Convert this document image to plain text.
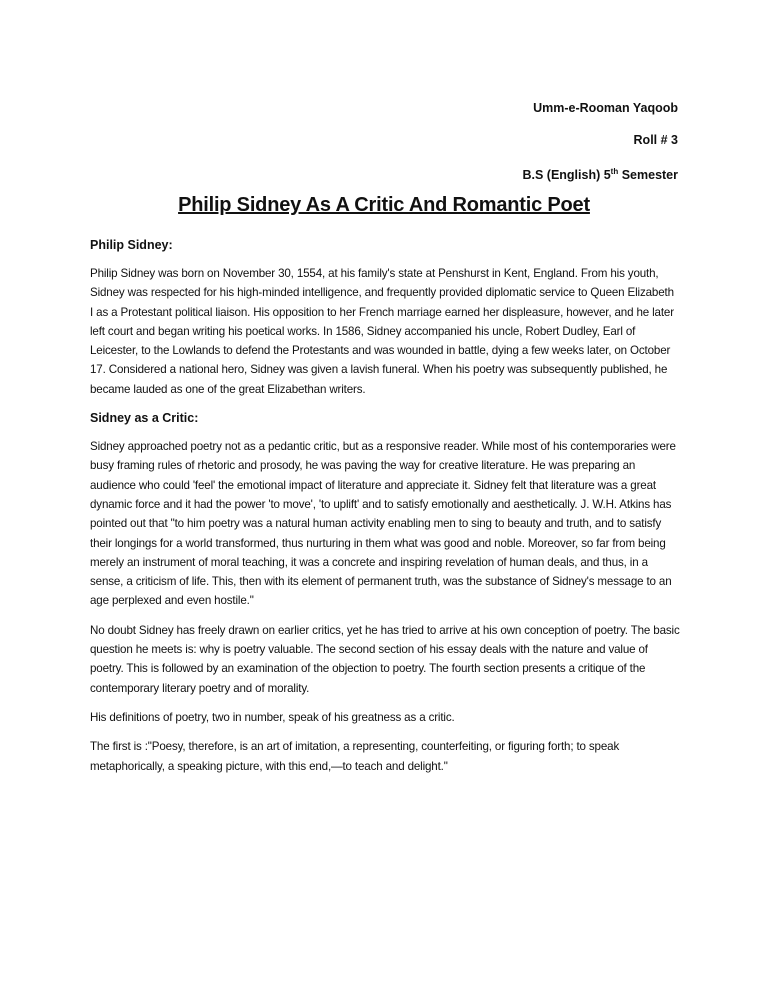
Umm-e-Rooman Yaqoob
Roll # 3
B.S (English) 5th Semester
Philip Sidney As A Critic And Romantic Poet
Philip Sidney:

Philip Sidney was born on November 30, 1554, at his family's state at Penshurst in Kent, England. From his youth, Sidney was respected for his high-minded intelligence, and frequently provided diplomatic service to Queen Elizabeth I as a Protestant political liaison. His opposition to her French marriage earned her displeasure, however, and he later left court and began writing his poetical works. In 1586, Sidney accompanied his uncle, Robert Dudley, Earl of Leicester, to the Lowlands to defend the Protestants and was wounded in battle, dying a few weeks later, on October 17. Considered a national hero, Sidney was given a lavish funeral. When his poetry was subsequently published, he became lauded as one of the great Elizabethan writers.

Sidney as a Critic:

Sidney approached poetry not as a pedantic critic, but as a responsive reader. While most of his contemporaries were busy framing rules of rhetoric and prosody, he was paving the way for creative literature. He was preparing an audience who could 'feel' the emotional impact of literature and appreciate it. Sidney felt that literature was a great dynamic force and it had the power 'to move', 'to uplift' and to satisfy emotionally and aesthetically. J. W.H. Atkins has pointed out that "to him poetry was a natural human activity enabling men to sing to beauty and truth, and to satisfy their longings for a world transformed, thus nurturing in them what was good and noble. Moreover, so far from being merely an instrument of moral teaching, it was a concrete and inspiring revelation of human deals, and thus, in a sense, a criticism of life. This, then with its element of permanent truth, was the substance of Sidney's message to an age perplexed and even hostile."

No doubt Sidney has freely drawn on earlier critics, yet he has tried to arrive at his own conception of poetry. The basic question he meets is: why is poetry valuable. The second section of his essay deals with the nature and value of poetry. This is followed by an examination of the objection to poetry. The fourth section presents a critique of the contemporary literary poetry and of morality.

His definitions of poetry, two in number, speak of his greatness as a critic.

The first is :"Poesy, therefore, is an art of imitation, a representing, counterfeiting, or figuring forth; to speak metaphorically, a speaking picture, with this end,—to teach and delight."
